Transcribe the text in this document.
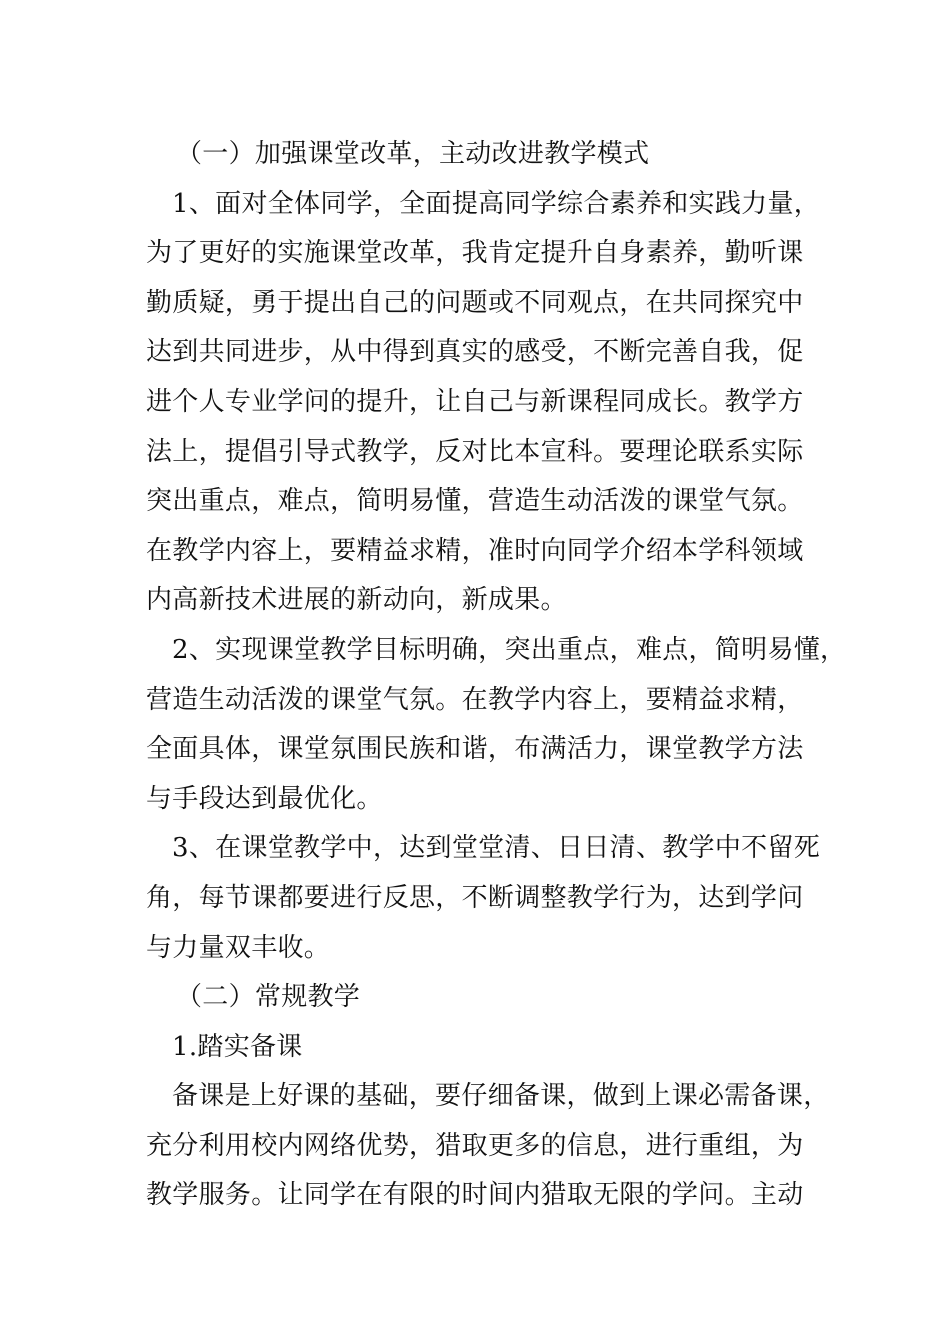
（一）加强课堂改革，主动改进教学模式
1、面对全体同学，全面提高同学综合素养和实践力量，
为了更好的实施课堂改革，我肯定提升自身素养，勤听课
勤质疑，勇于提出自己的问题或不同观点，在共同探究中
达到共同进步，从中得到真实的感受，不断完善自我，促
进个人专业学问的提升，让自己与新课程同成长。教学方
法上，提倡引导式教学，反对比本宣科。要理论联系实际
突出重点，难点，简明易懂，营造生动活泼的课堂气氛。
在教学内容上，要精益求精，准时向同学介绍本学科领域
内高新技术进展的新动向，新成果。
2、实现课堂教学目标明确，突出重点，难点，简明易懂，
营造生动活泼的课堂气氛。在教学内容上，要精益求精，
全面具体，课堂氛围民族和谐，布满活力，课堂教学方法
与手段达到最优化。
3、在课堂教学中，达到堂堂清、日日清、教学中不留死
角，每节课都要进行反思，不断调整教学行为，达到学问
与力量双丰收。
（二）常规教学
1.踏实备课
备课是上好课的基础，要仔细备课，做到上课必需备课，
充分利用校内网络优势，猎取更多的信息，进行重组，为
教学服务。让同学在有限的时间内猎取无限的学问。主动
